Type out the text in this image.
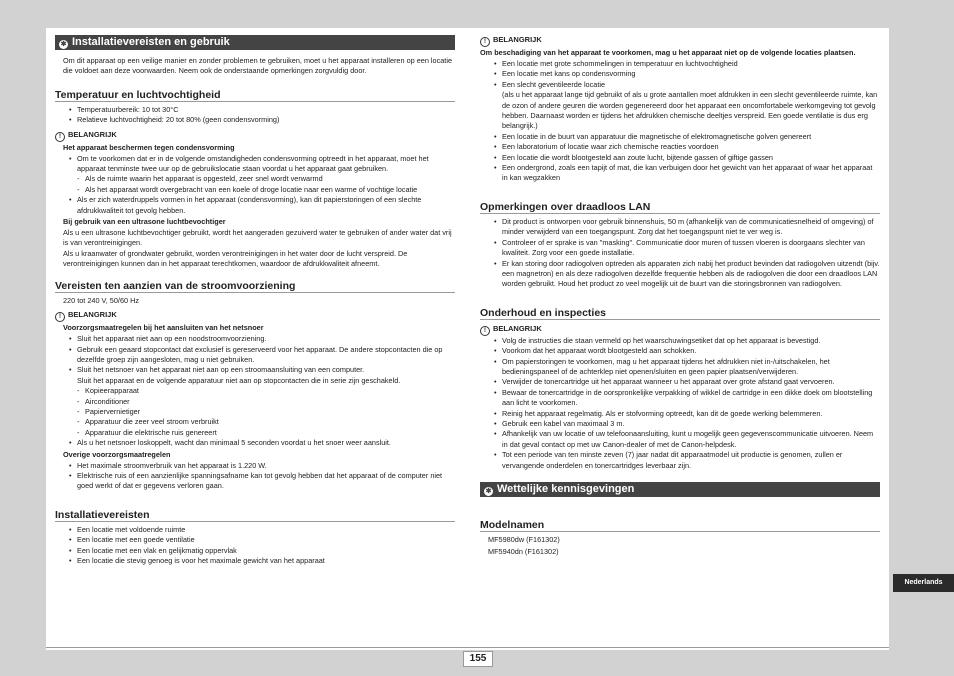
✱ Installatievereisten en gebruik
Om dit apparaat op een veilige manier en zonder problemen te gebruiken, moet u het apparaat installeren op een locatie die voldoet aan deze voorwaarden. Neem ook de onderstaande opmerkingen zorgvuldig door.
Temperatuur en luchtvochtigheid
• Temperatuurbereik: 10 tot 30°C
• Relatieve luchtvochtigheid: 20 tot 80% (geen condensvorming)
! BELANGRIJK
Het apparaat beschermen tegen condensvorming
• Om te voorkomen dat er in de volgende omstandigheden condensvorming optreedt in het apparaat, moet het apparaat tenminste twee uur op de gebruikslocatie staan voordat u het apparaat gaat gebruiken.
- Als de ruimte waarin het apparaat is opgesteld, zeer snel wordt verwarmd
- Als het apparaat wordt overgebracht van een koele of droge locatie naar een warme of vochtige locatie
• Als er zich waterdruppels vormen in het apparaat (condensvorming), kan dit papierstoringen of een slechte afdrukkwaliteit tot gevolg hebben.
Bij gebruik van een ultrasone luchtbevochtiger
Als u een ultrasone luchtbevochtiger gebruikt, wordt het aangeraden gezuiverd water te gebruiken of ander water dat vrij is van verontreinigingen.
Als u kraanwater of grondwater gebruikt, worden verontreinigingen in het water door de lucht verspreid. De verontreinigingen kunnen dan in het apparaat terechtkomen, waardoor de afdrukkwaliteit afneemt.
Vereisten ten aanzien van de stroomvoorziening
220 tot 240 V, 50/60 Hz
! BELANGRIJK
Voorzorgsmaatregelen bij het aansluiten van het netsnoer
• Sluit het apparaat niet aan op een noodstroomvoorziening.
• Gebruik een geaard stopcontact dat exclusief is gereserveerd voor het apparaat. De andere stopcontacten die op dezelfde groep zijn aangesloten, mag u niet gebruiken.
• Sluit het netsnoer van het apparaat niet aan op een stroomaansluiting van een computer.
Sluit het apparaat en de volgende apparatuur niet aan op stopcontacten die in serie zijn geschakeld.
- Kopieerapparaat
- Airconditioner
- Papiervernietiger
- Apparatuur die zeer veel stroom verbruikt
- Apparatuur die elektrische ruis genereert
• Als u het netsnoer loskoppelt, wacht dan minimaal 5 seconden voordat u het snoer weer aansluit.
Overige voorzorgsmaatregelen
• Het maximale stroomverbruik van het apparaat is 1.220 W.
• Elektrische ruis of een aanzienlijke spanningsafname kan tot gevolg hebben dat het apparaat of de computer niet goed werkt of dat er gegevens verloren gaan.
Installatievereisten
• Een locatie met voldoende ruimte
• Een locatie met een goede ventilatie
• Een locatie met een vlak en gelijkmatig oppervlak
• Een locatie die stevig genoeg is voor het maximale gewicht van het apparaat
! BELANGRIJK
Om beschadiging van het apparaat te voorkomen, mag u het apparaat niet op de volgende locaties plaatsen.
• Een locatie met grote schommelingen in temperatuur en luchtvochtigheid
• Een locatie met kans op condensvorming
• Een slecht geventileerde locatie
(als u het apparaat lange tijd gebruikt of als u grote aantallen moet afdrukken in een slecht geventileerde ruimte, kan de ozon of andere geuren die worden gegenereerd door het apparaat een oncomfortabele werkomgeving tot gevolg hebben. Daarnaast worden er tijdens het afdrukken chemische deeltjes verspreid. Een goede ventilatie is dus erg belangrijk.)
• Een locatie in de buurt van apparatuur die magnetische of elektromagnetische golven genereert
• Een laboratorium of locatie waar zich chemische reacties voordoen
• Een locatie die wordt blootgesteld aan zoute lucht, bijtende gassen of giftige gassen
• Een ondergrond, zoals een tapijt of mat, die kan verbuigen door het gewicht van het apparaat of waar het apparaat in kan wegzakken
Opmerkingen over draadloos LAN
• Dit product is ontworpen voor gebruik binnenshuis, 50 m (afhankelijk van de communicatiesnelheid of omgeving) of minder verwijderd van een toegangspunt. Zorg dat het toegangspunt niet te ver weg is.
• Controleer of er sprake is van "masking". Communicatie door muren of tussen vloeren is doorgaans slechter van kwaliteit. Zorg voor een goede installatie.
• Er kan storing door radiogolven optreden als apparaten zich nabij het product bevinden dat radiogolven uitzendt (bijv. een magnetron) en als deze radiogolven dezelfde frequentie hebben als de radiogolven die door een draadloos LAN worden gebruikt. Houd het product zo veel mogelijk uit de buurt van die storingsbronnen van radiogolven.
Onderhoud en inspecties
! BELANGRIJK
• Volg de instructies die staan vermeld op het waarschuwingsetiket dat op het apparaat is bevestigd.
• Voorkom dat het apparaat wordt blootgesteld aan schokken.
• Om papierstoringen te voorkomen, mag u het apparaat tijdens het afdrukken niet in-/uitschakelen, het bedieningspaneel of de achterklep niet openen/sluiten en geen papier plaatsen/verwijderen.
• Verwijder de tonercartridge uit het apparaat wanneer u het apparaat over grote afstand gaat vervoeren.
• Bewaar de tonercartridge in de oorspronkelijke verpakking of wikkel de cartridge in een dikke doek om blootstelling aan licht te voorkomen.
• Reinig het apparaat regelmatig. Als er stofvorming optreedt, kan dit de goede werking belemmeren.
• Gebruik een kabel van maximaal 3 m.
• Afhankelijk van uw locatie of uw telefoonaansluiting, kunt u mogelijk geen gegevenscommunicatie uitvoeren. Neem in dat geval contact op met uw Canon-dealer of met de Canon-helpdesk.
• Tot een periode van ten minste zeven (7) jaar nadat dit apparaatmodel uit productie is genomen, zullen er vervangende onderdelen en tonercartridges leverbaar zijn.
✱ Wettelijke kennisgevingen
Modelnamen
MF5980dw (F161302)
MF5940dn (F161302)
155
Nederlands
